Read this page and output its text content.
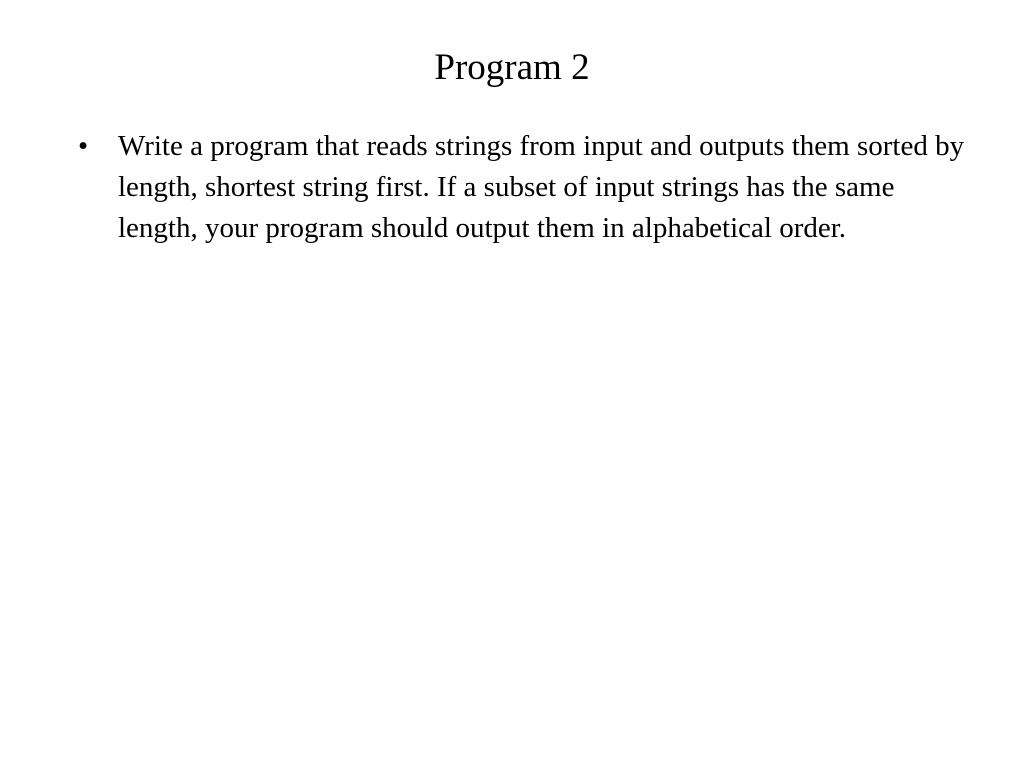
Program 2
•	Write a program that reads strings from input and outputs them sorted by length, shortest string first. If a subset of input strings has the same length, your program should output them in alphabetical order.
